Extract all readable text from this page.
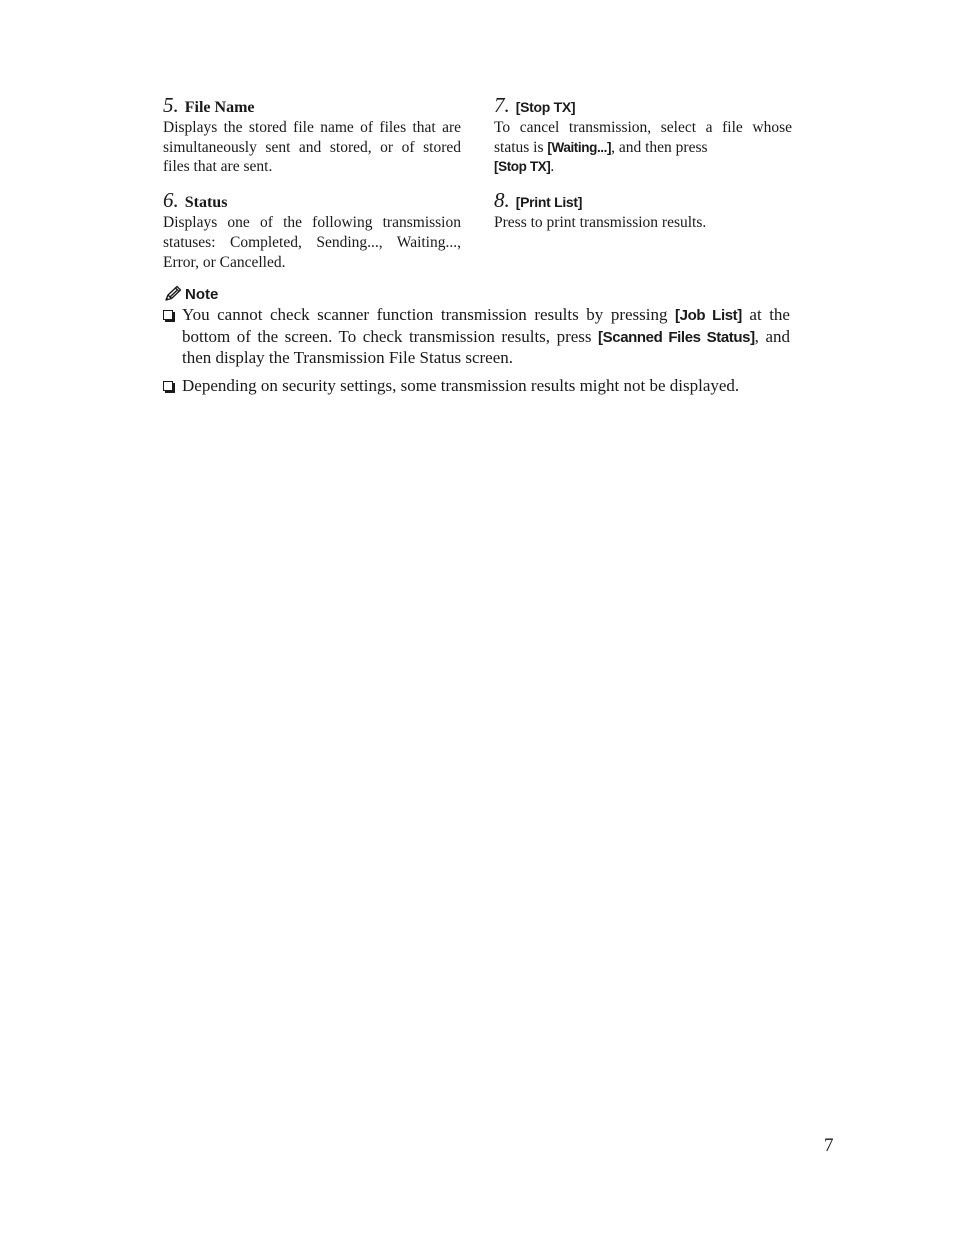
5. File Name

Displays the stored file name of files that are simultaneously sent and stored, or of stored files that are sent.

6. Status

Displays one of the following transmission statuses: Completed, Sending..., Waiting..., Error, or Cancelled.

7. [Stop TX]

To cancel transmission, select a file whose status is [Waiting...], and then press
[Stop TX].

8. [Print List]

Press to print transmission results.

Note

You cannot check scanner function transmission results by pressing [Job List] at the bottom of the screen. To check transmission results, press [Scanned Files Status], and then display the Transmission File Status screen.

Depending on security settings, some transmission results might not be displayed.

7
